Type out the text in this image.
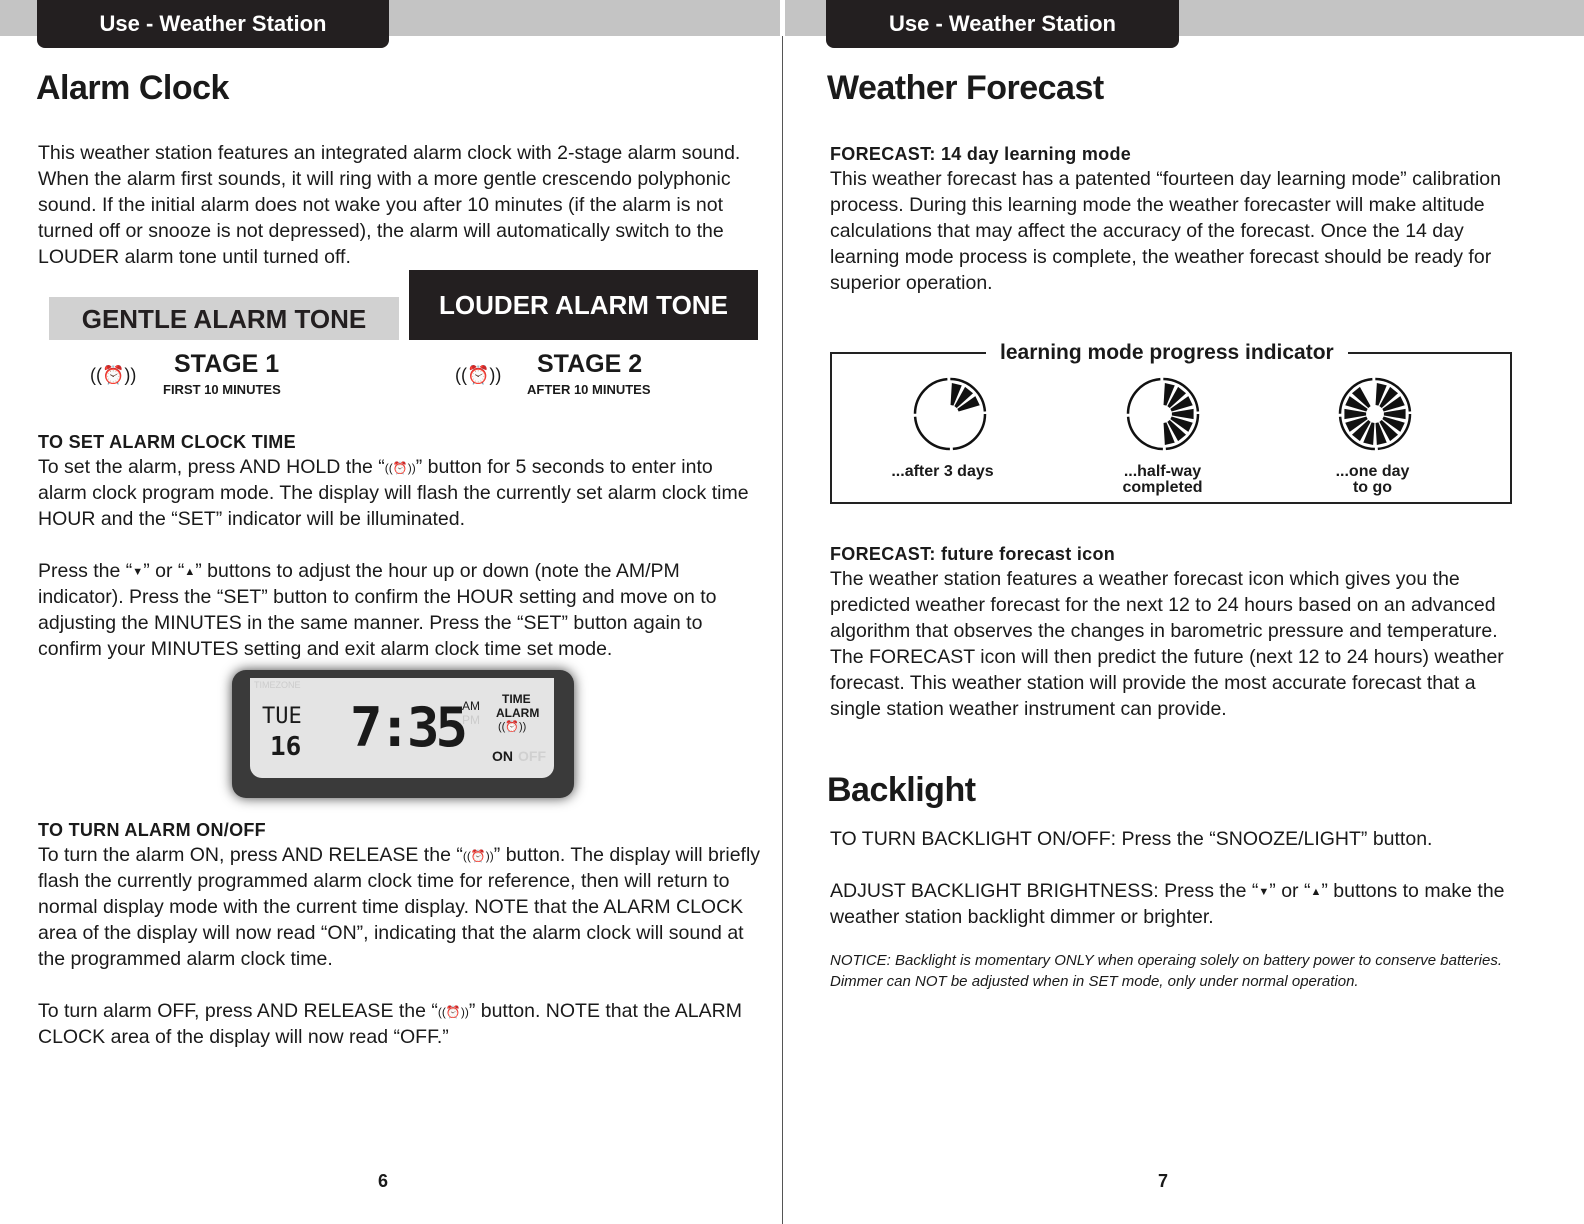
Use - Weather Station	Use - Weather Station
Alarm Clock
This weather station features an integrated alarm clock with 2-stage alarm sound. When the alarm first sounds, it will ring with a more gentle crescendo polyphonic sound. If the initial alarm does not wake you after 10 minutes (if the alarm is not turned off or snooze is not depressed), the alarm will automatically switch to the LOUDER alarm tone until turned off.
GENTLE ALARM TONE	LOUDER ALARM TONE
((⏰)) STAGE 1
FIRST 10 MINUTES
((⏰)) STAGE 2
AFTER 10 MINUTES
TO SET ALARM CLOCK TIME
To set the alarm, press AND HOLD the “((⏰))” button for 5 seconds to enter into alarm clock program mode. The display will flash the currently set alarm clock time HOUR and the “SET” indicator will be illuminated.
Press the “▼” or “▲” buttons to adjust the hour up or down (note the AM/PM indicator). Press the “SET” button to confirm the HOUR setting and move on to adjusting the MINUTES in the same manner. Press the “SET” button again to confirm your MINUTES setting and exit alarm clock time set mode.
TIMEZONE
TUE
16 7:35
AM
PM
TIME
ALARM
((⏰))
ON OFF
TO TURN ALARM ON/OFF
To turn the alarm ON, press AND RELEASE the “((⏰))” button. The display will briefly flash the currently programmed alarm clock time for reference, then will return to normal display mode with the current time display. NOTE that the ALARM CLOCK area of the display will now read “ON”, indicating that the alarm clock will sound at the programmed alarm clock time.
To turn alarm OFF, press AND RELEASE the “((⏰))” button. NOTE that the ALARM CLOCK area of the display will now read “OFF.”
6
Weather Forecast
FORECAST: 14 day learning mode
This weather forecast has a patented “fourteen day learning mode” calibration process. During this learning mode the weather forecaster will make altitude calculations that may affect the accuracy of the forecast. Once the 14 day learning mode process is complete, the weather forecast should be ready for superior operation.
learning mode progress indicator
...after 3 days	...half-way
completed
...one day
to go
FORECAST: future forecast icon
The weather station features a weather forecast icon which gives you the predicted weather forecast for the next 12 to 24 hours based on an advanced algorithm that observes the changes in barometric pressure and temperature. The FORECAST icon will then predict the future (next 12 to 24 hours) weather forecast. This weather station will provide the most accurate forecast that a single station weather instrument can provide.
Backlight
TO TURN BACKLIGHT ON/OFF: Press the “SNOOZE/LIGHT” button.
ADJUST BACKLIGHT BRIGHTNESS: Press the “▼” or “▲” buttons to make the weather station backlight dimmer or brighter.
NOTICE: Backlight is momentary ONLY when operaing solely on battery power to conserve batteries. Dimmer can NOT be adjusted when in SET mode, only under normal operation.
7
